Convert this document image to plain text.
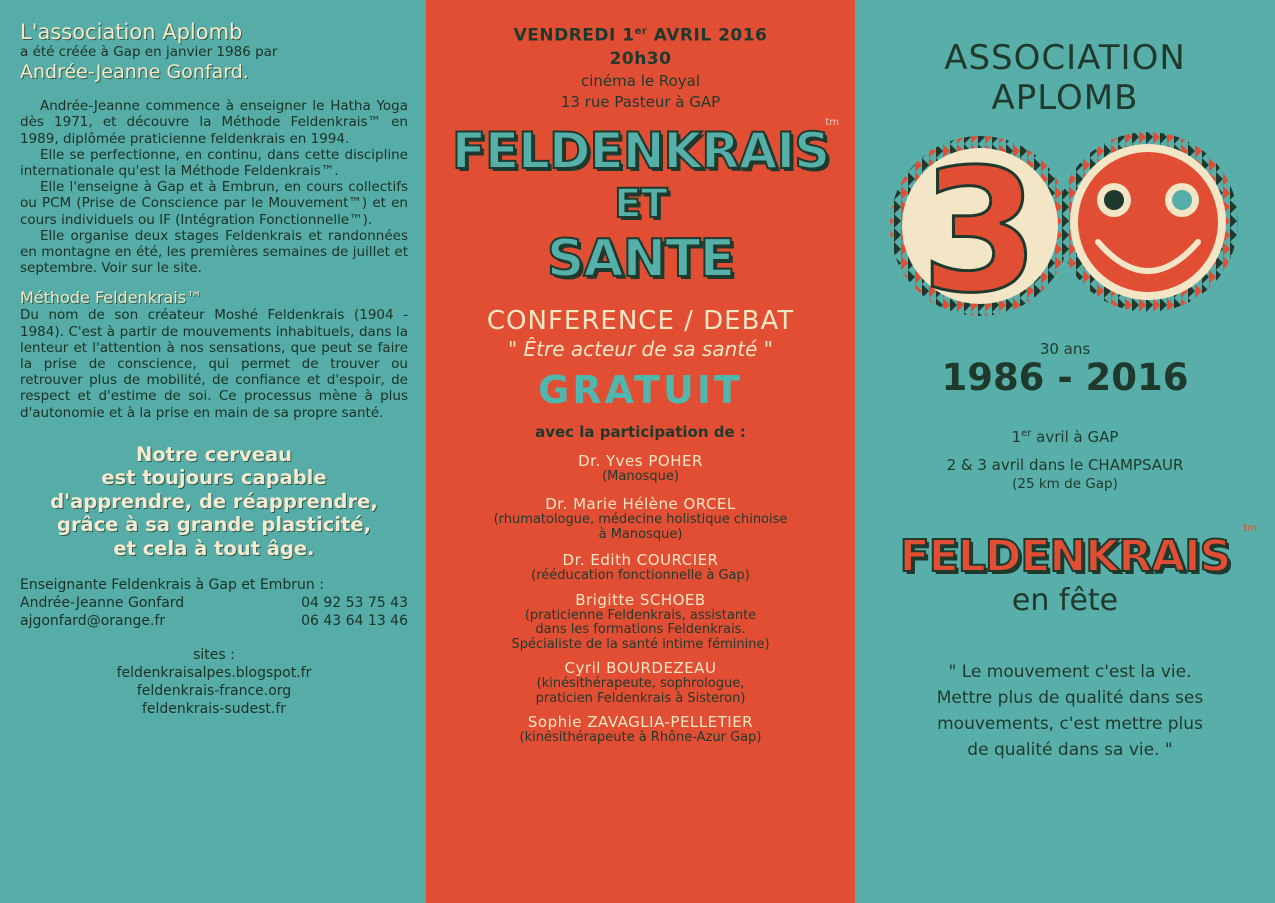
L'association Aplomb

a été créée à Gap en janvier 1986 par

Andrée-Jeanne Gonfard.

Andrée-Jeanne commence à enseigner le Hatha Yoga dès 1971, et découvre la Méthode Feldenkrais™ en 1989, diplômée praticienne feldenkrais en 1994.

Elle se perfectionne, en continu, dans cette discipline internationale qu'est la Méthode Feldenkrais™.

Elle l'enseigne à Gap et à Embrun, en cours collectifs ou PCM (Prise de Conscience par le Mouvement™) et en cours individuels ou IF (Intégration Fonctionnelle™).

Elle organise deux stages Feldenkrais et randonnées en montagne en été, les premières semaines de juillet et septembre. Voir sur le site.

Méthode Feldenkrais™

Du nom de son créateur Moshé Feldenkrais (1904 - 1984). C'est à partir de mouvements inhabituels, dans la lenteur et l'attention à nos sensations, que peut se faire la prise de conscience, qui permet de trouver ou retrouver plus de mobilité, de confiance et d'espoir, de respect et d'estime de soi. Ce processus mène à plus d'autonomie et à la prise en main de sa propre santé.

Notre cerveau
est toujours capable
d'apprendre, de réapprendre,
grâce à sa grande plasticité,
et cela à tout âge.
Enseignante Feldenkrais à Gap et Embrun :
Andrée-Jeanne Gonfard	04 92 53 75 43
ajgonfard@orange.fr	06 43 64 13 46
sites :
feldenkraisalpes.blogspot.fr
feldenkrais-france.org
feldenkrais-sudest.fr
VENDREDI 1er AVRIL 2016
20h30
cinéma le Royal
13 rue Pasteur à GAP
tm
FELDENKRAIS
ET
SANTE
CONFERENCE / DEBAT
" Être acteur de sa santé "
GRATUIT
avec la participation de :
Dr. Yves POHER
(Manosque)
Dr. Marie Hélène ORCEL
(rhumatologue, médecine holistique chinoise
à Manosque)
Dr. Edith COURCIER
(rééducation fonctionnelle à Gap)
Brigitte SCHOEB
(praticienne Feldenkrais, assistante
dans les formations Feldenkrais.
Spécialiste de la santé intime féminine)
Cyril BOURDEZEAU
(kinésithérapeute, sophrologue,
praticien Feldenkrais à Sisteron)
Sophie ZAVAGLIA-PELLETIER
(kinésithérapeute à Rhône-Azur Gap)
ASSOCIATION
APLOMB
3
30 ans
1986 - 2016
1er avril à GAP
2 & 3 avril dans le CHAMPSAUR
(25 km de Gap)
tm
FELDENKRAIS
en fête
" Le mouvement c'est la vie.
Mettre plus de qualité dans ses
mouvements, c'est mettre plus
de qualité dans sa vie. "
